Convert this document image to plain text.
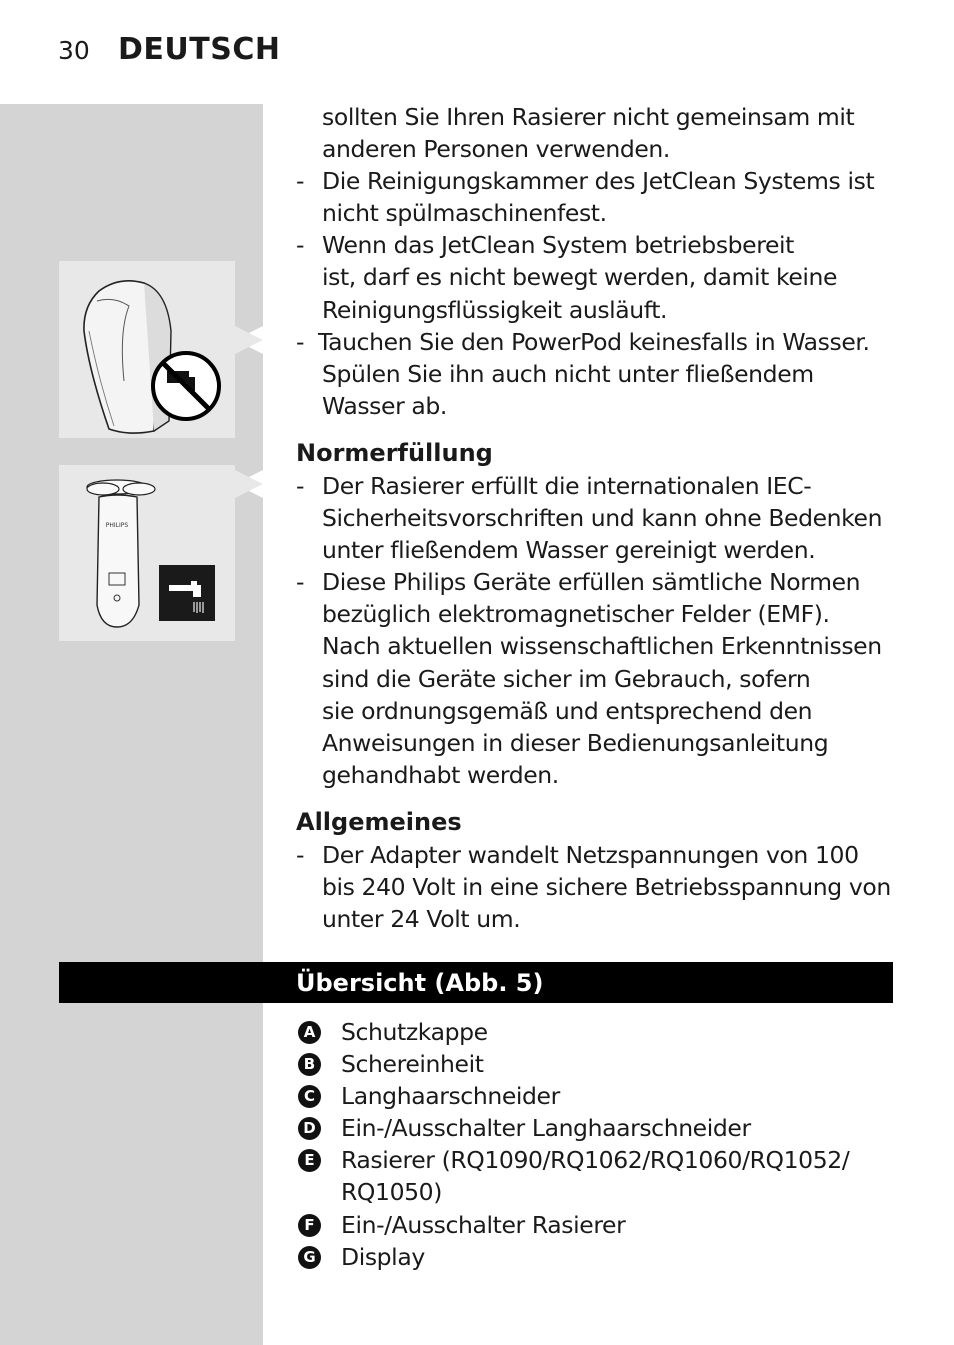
30 DEUTSCH
PHILIPS
sollten Sie Ihren Rasierer nicht gemeinsam mit
anderen Personen verwenden.
- Die Reinigungskammer des JetClean Systems ist
nicht spülmaschinenfest.
- Wenn das JetClean System betriebsbereit
ist, darf es nicht bewegt werden, damit keine
Reinigungsflüssigkeit ausläuft.
- Tauchen Sie den PowerPod keinesfalls in Wasser.
Spülen Sie ihn auch nicht unter fließendem
Wasser ab.
Normerfüllung
- Der Rasierer erfüllt die internationalen IEC-
Sicherheitsvorschriften und kann ohne Bedenken
unter fließendem Wasser gereinigt werden.
- Diese Philips Geräte erfüllen sämtliche Normen
bezüglich elektromagnetischer Felder (EMF).
Nach aktuellen wissenschaftlichen Erkenntnissen
sind die Geräte sicher im Gebrauch, sofern
sie ordnungsgemäß und entsprechend den
Anweisungen in dieser Bedienungsanleitung
gehandhabt werden.
Allgemeines
- Der Adapter wandelt Netzspannungen von 100
bis 240 Volt in eine sichere Betriebsspannung von
unter 24 Volt um.
Übersicht (Abb. 5)
A Schutzkappe
B Schereinheit
C Langhaarschneider
D Ein-/Ausschalter Langhaarschneider
E Rasierer (RQ1090/RQ1062/RQ1060/RQ1052/
RQ1050)
F Ein-/Ausschalter Rasierer
G Display
